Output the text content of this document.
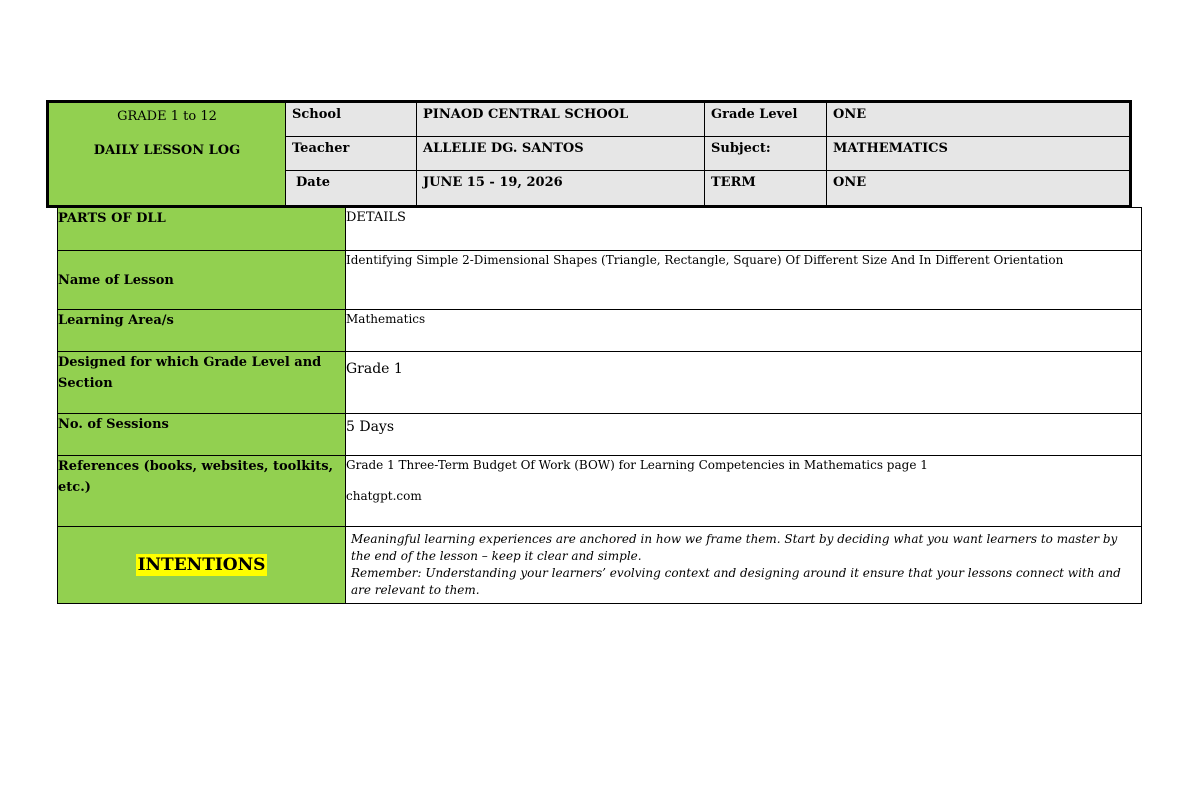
GRADE 1 to 12
DAILY LESSON LOG
School	PINAOD CENTRAL SCHOOL	Grade Level	ONE
Teacher	ALLELIE DG. SANTOS	Subject:	MATHEMATICS
Date	JUNE 15 - 19, 2026	TERM	ONE
PARTS OF DLL	DETAILS
Name of Lesson	Identifying Simple 2-Dimensional Shapes (Triangle, Rectangle, Square) Of Different Size And In Different Orientation
Learning Area/s	Mathematics
Designed for which Grade Level and Section	Grade 1
No. of Sessions	5 Days
References (books, websites, toolkits, etc.)	Grade 1 Three-Term Budget Of Work (BOW) for Learning Competencies in Mathematics page 1
chatgpt.com

INTENTIONS	Meaningful learning experiences are anchored in how we frame them. Start by deciding what you want learners to master by the end of the lesson – keep it clear and simple.
Remember: Understanding your learners’ evolving context and designing around it ensure that your lessons connect with and are relevant to them.
